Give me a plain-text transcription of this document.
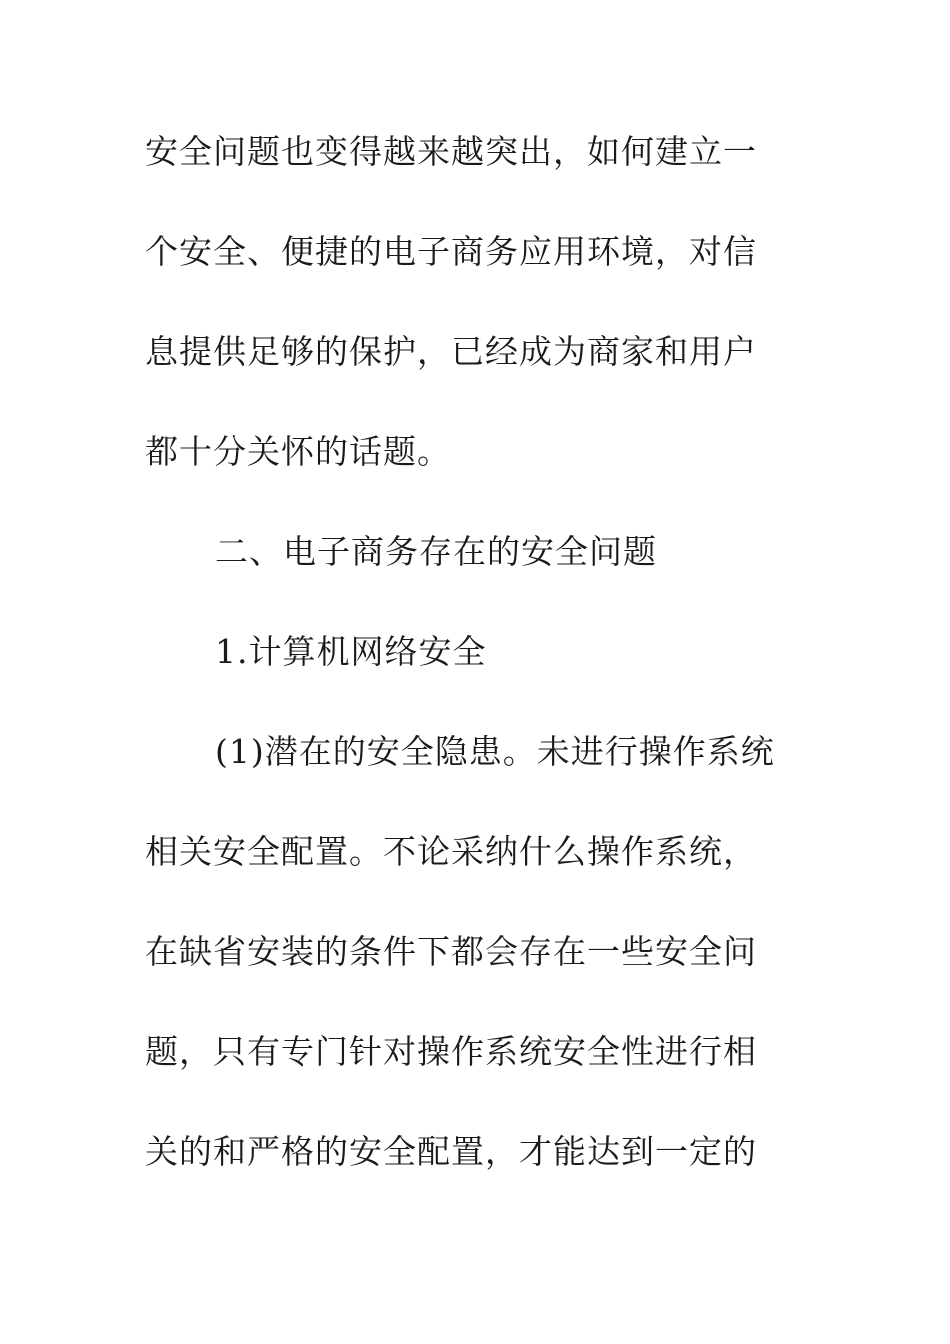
安全问题也变得越来越突出，如何建立一
个安全、便捷的电子商务应用环境，对信
息提供足够的保护，已经成为商家和用户
都十分关怀的话题。
二、电子商务存在的安全问题
1.计算机网络安全
(1)潜在的安全隐患。未进行操作系统
相关安全配置。不论采纳什么操作系统，
在缺省安装的条件下都会存在一些安全问
题，只有专门针对操作系统安全性进行相
关的和严格的安全配置，才能达到一定的
